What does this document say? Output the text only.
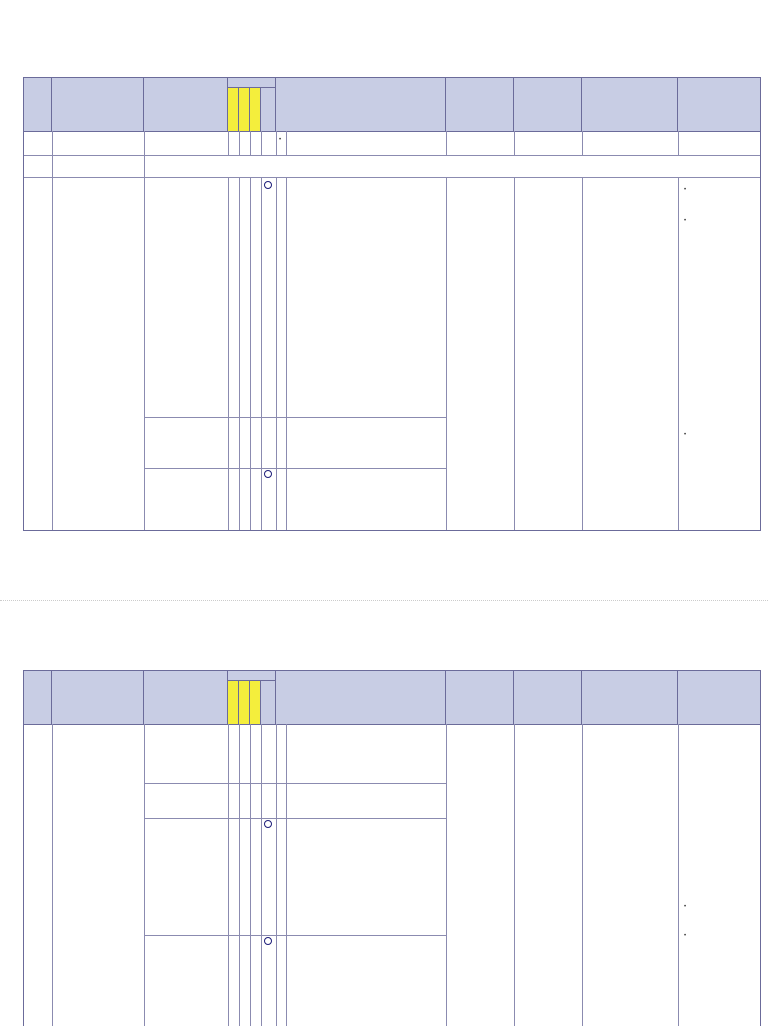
•

•
•

•

•
•
